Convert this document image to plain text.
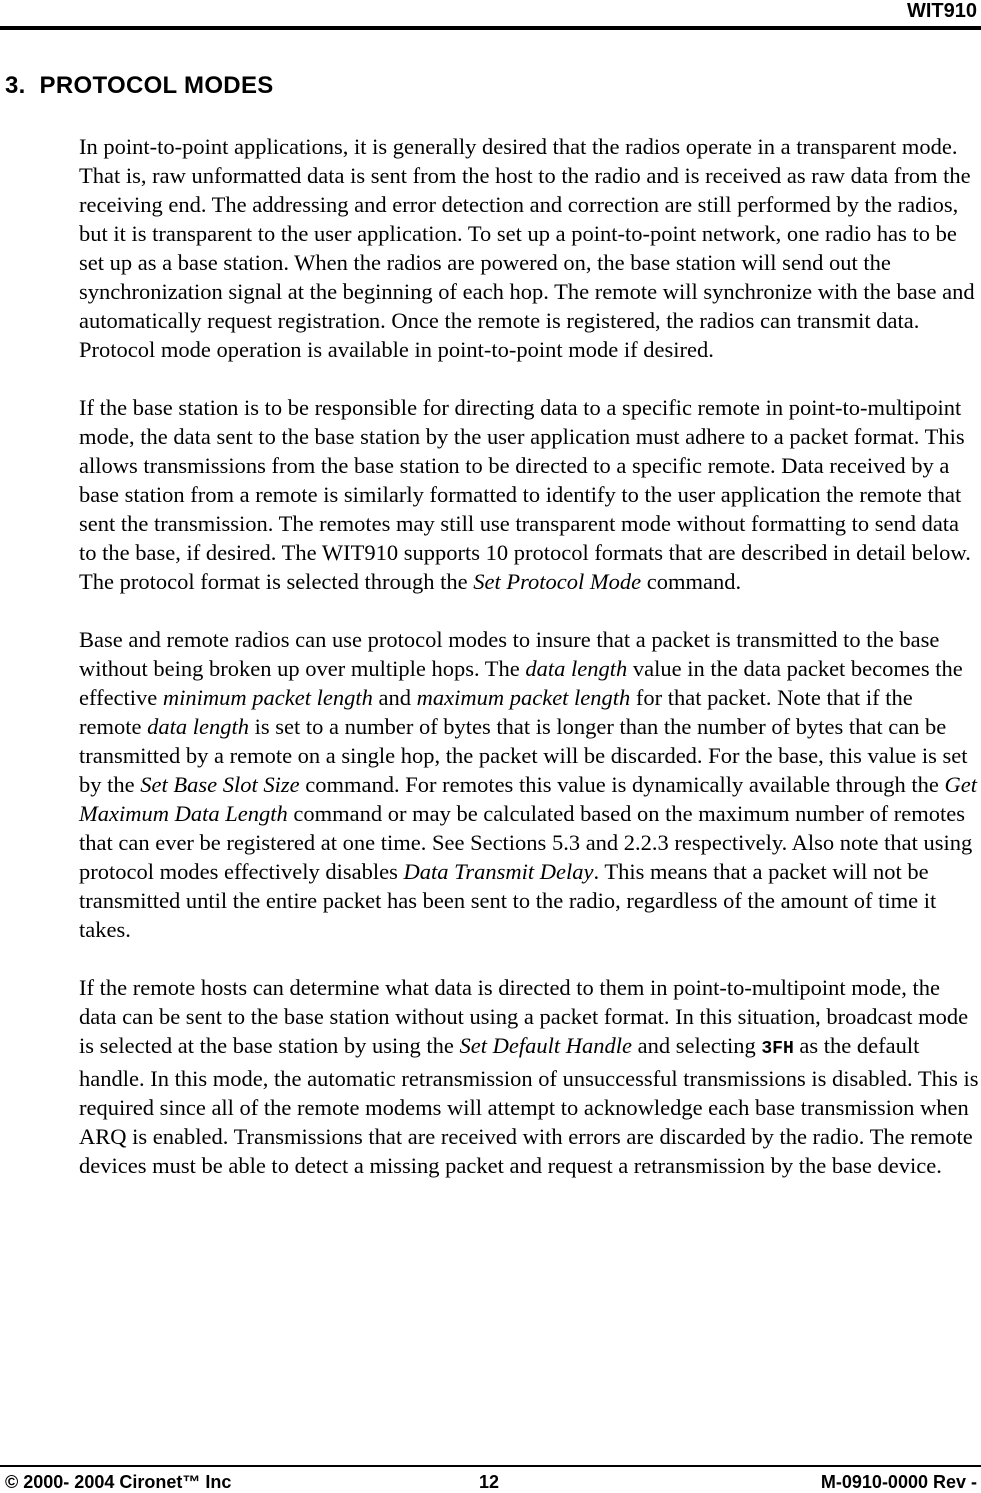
WIT910
3.  PROTOCOL MODES

In point-to-point applications, it is generally desired that the radios operate in a transparent mode. That is, raw unformatted data is sent from the host to the radio and is received as raw data from the receiving end. The addressing and error detection and correction are still performed by the radios, but it is transparent to the user application. To set up a point-to-point network, one radio has to be set up as a base station. When the radios are powered on, the base station will send out the synchronization signal at the beginning of each hop. The remote will synchronize with the base and automatically request registration. Once the remote is registered, the radios can transmit data. Protocol mode operation is available in point-to-point mode if desired.

If the base station is to be responsible for directing data to a specific remote in point-to-multipoint mode, the data sent to the base station by the user application must adhere to a packet format. This allows transmissions from the base station to be directed to a specific remote. Data received by a base station from a remote is similarly formatted to identify to the user application the remote that sent the transmission. The remotes may still use transparent mode without formatting to send data to the base, if desired. The WIT910 supports 10 protocol formats that are described in detail below. The protocol format is selected through the Set Protocol Mode command.

Base and remote radios can use protocol modes to insure that a packet is transmitted to the base without being broken up over multiple hops. The data length value in the data packet becomes the effective minimum packet length and maximum packet length for that packet. Note that if the remote data length is set to a number of bytes that is longer than the number of bytes that can be transmitted by a remote on a single hop, the packet will be discarded. For the base, this value is set by the Set Base Slot Size command. For remotes this value is dynamically available through the Get Maximum Data Length command or may be calculated based on the maximum number of remotes that can ever be registered at one time. See Sections 5.3 and 2.2.3 respectively. Also note that using protocol modes effectively disables Data Transmit Delay. This means that a packet will not be transmitted until the entire packet has been sent to the radio, regardless of the amount of time it takes.

If the remote hosts can determine what data is directed to them in point-to-multipoint mode, the data can be sent to the base station without using a packet format. In this situation, broadcast mode is selected at the base station by using the Set Default Handle and selecting 3FH as the default handle. In this mode, the automatic retransmission of unsuccessful transmissions is disabled. This is required since all of the remote modems will attempt to acknowledge each base transmission when ARQ is enabled. Transmissions that are received with errors are discarded by the radio. The remote devices must be able to detect a missing packet and request a retransmission by the base device.

© 2000- 2004 Cironet™ Inc	12	M-0910-0000 Rev -
